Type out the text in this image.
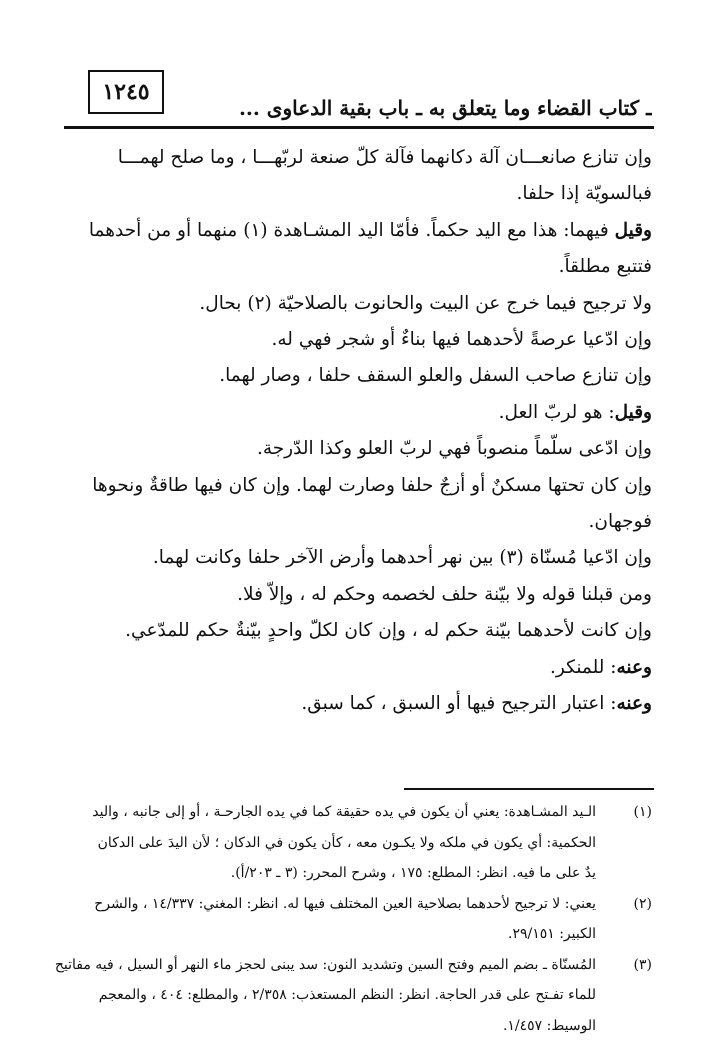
١٢٤٥
ـ كتاب القضاء وما يتعلق به ـ باب بقية الدعاوى ...
وإن تنازع صانعـــان آلة دكانهما فآلة كلّ صنعة لربّهـــا ، وما صلح لهمـــا
فبالسويّة إذا حلفا.
وقيل فيهما: هذا مع اليد حكماً. فأمّا اليد المشـاهدة (١) منهما أو من أحدهما
فتتبع مطلقاً.
ولا ترجيح فيما خرج عن البيت والحانوت بالصلاحيّة (٢) بحال.
وإن ادّعيا عرصةً لأحدهما فيها بناءٌ أو شجر فهي له.
وإن تنازع صاحب السفل والعلو السقف حلفا ، وصار لهما.
وقيل: هو لربّ العل.
وإن ادّعى سلّماً منصوباً فهي لربّ العلو وكذا الدّرجة.
وإن كان تحتها مسكنٌ أو أزجٌ حلفا وصارت لهما. وإن كان فيها طاقةٌ ونحوها
فوجهان.
وإن ادّعيا مُسنّاة (٣) بين نهر أحدهما وأرض الآخر حلفا وكانت لهما.
ومن قبلنا قوله ولا بيّنة حلف لخصمه وحكم له ، وإلاّ فلا.
وإن كانت لأحدهما بيّنة حكم له ، وإن كان لكلّ واحدٍ بيّنةٌ حكم للمدّعي.
وعنه: للمنكر.
وعنه: اعتبار الترجيح فيها أو السبق ، كما سبق.
(١)
الـيد المشـاهدة: يعني أن يكون في يده حقيقة كما في يده الجارحـة ، أو إلى جانبه ، واليد
الحكمية: أي يكون في ملكه ولا يكـون معه ، كأن يكون في الدكان ؛ لأن اليدَ على الدكان
يدٌ على ما فيه. انظر: المطلع: ١٧٥ ، وشرح المحرر: (٣ ـ ٢٠٣/أ).
(٢)
يعني: لا ترجيح لأحدهما بصلاحية العين المختلف فيها له. انظر: المغني: ١٤/٣٣٧ ، والشرح
الكبير: ٢٩/١٥١.
(٣)
المُسنّاة ـ بضم الميم وفتح السين وتشديد النون: سد يبنى لحجز ماء النهر أو السيل ، فيه مفاتيح
للماء تفـتح على قدر الحاجة. انظر: النظم المستعذب: ٢/٣٥٨ ، والمطلع: ٤٠٤ ، والمعجم
الوسيط: ١/٤٥٧.
